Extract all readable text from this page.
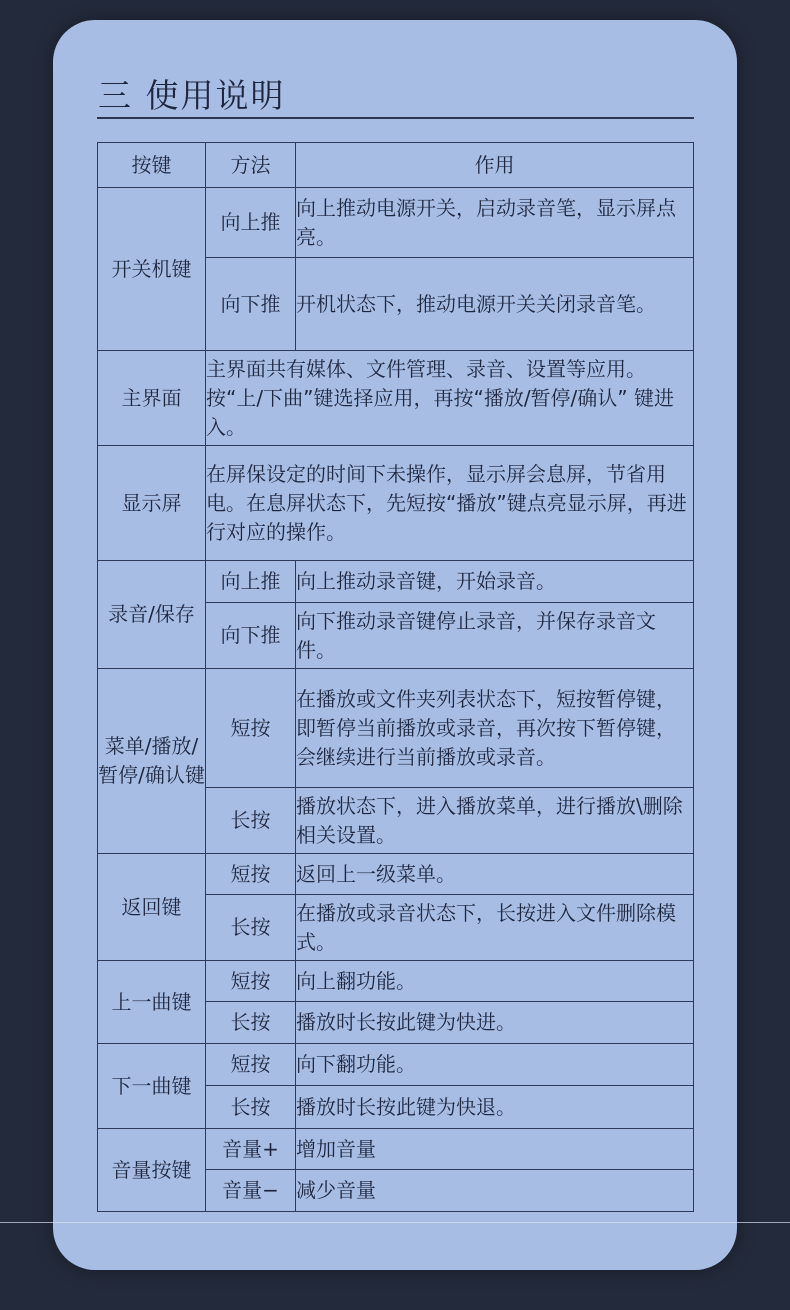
三 使用说明
按键	方法	作用
开关机键	向上推	向上推动电源开关，启动录音笔，显示屏点亮。
	向下推	开机状态下，推动电源开关关闭录音笔。
主界面	主界面共有媒体、文件管理、录音、设置等应用。按“上/下曲”键选择应用，再按“播放/暂停/确认” 键进入。	
显示屏	在屏保设定的时间下未操作，显示屏会息屏，节省用电。在息屏状态下，先短按“播放”键点亮显示屏，再进行对应的操作。	
录音/保存	向上推	向上推动录音键，开始录音。
	向下推	向下推动录音键停止录音，并保存录音文件。
菜单/播放/暂停/确认键	短按	在播放或文件夹列表状态下，短按暂停键，即暂停当前播放或录音，再次按下暂停键，会继续进行当前播放或录音。
	长按	播放状态下，进入播放菜单，进行播放\删除相关设置。
返回键	短按	返回上一级菜单。
	长按	在播放或录音状态下，长按进入文件删除模式。
上一曲键	短按	向上翻功能。
	长按	播放时长按此键为快进。
下一曲键	短按	向下翻功能。
	长按	播放时长按此键为快退。
音量按键	音量+	增加音量
	音量−	减少音量
